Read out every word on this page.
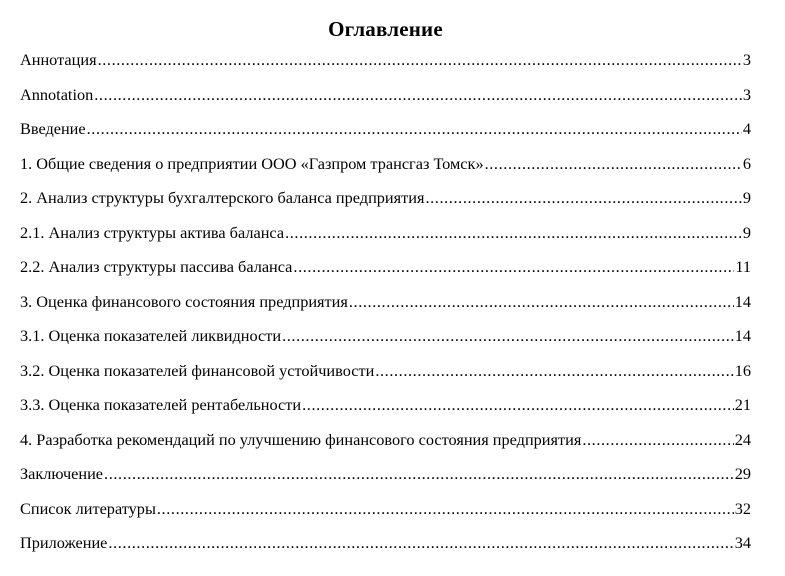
Оглавление
Аннотация .....	3
Annotation .....	3
Введение .....	4
1. Общие сведения о предприятии ООО «Газпром трансгаз Томск» .....	6
2. Анализ структуры бухгалтерского баланса предприятия .....	9
2.1. Анализ структуры актива баланса .....	9
2.2. Анализ структуры пассива баланса .....	11
3. Оценка финансового состояния предприятия .....	14
3.1. Оценка показателей ликвидности .....	14
3.2. Оценка показателей финансовой устойчивости .....	16
3.3. Оценка показателей рентабельности .....	21
4. Разработка рекомендаций по улучшению финансового состояния предприятия .....	24
Заключение .....	29
Список литературы .....	32
Приложение .....	34
